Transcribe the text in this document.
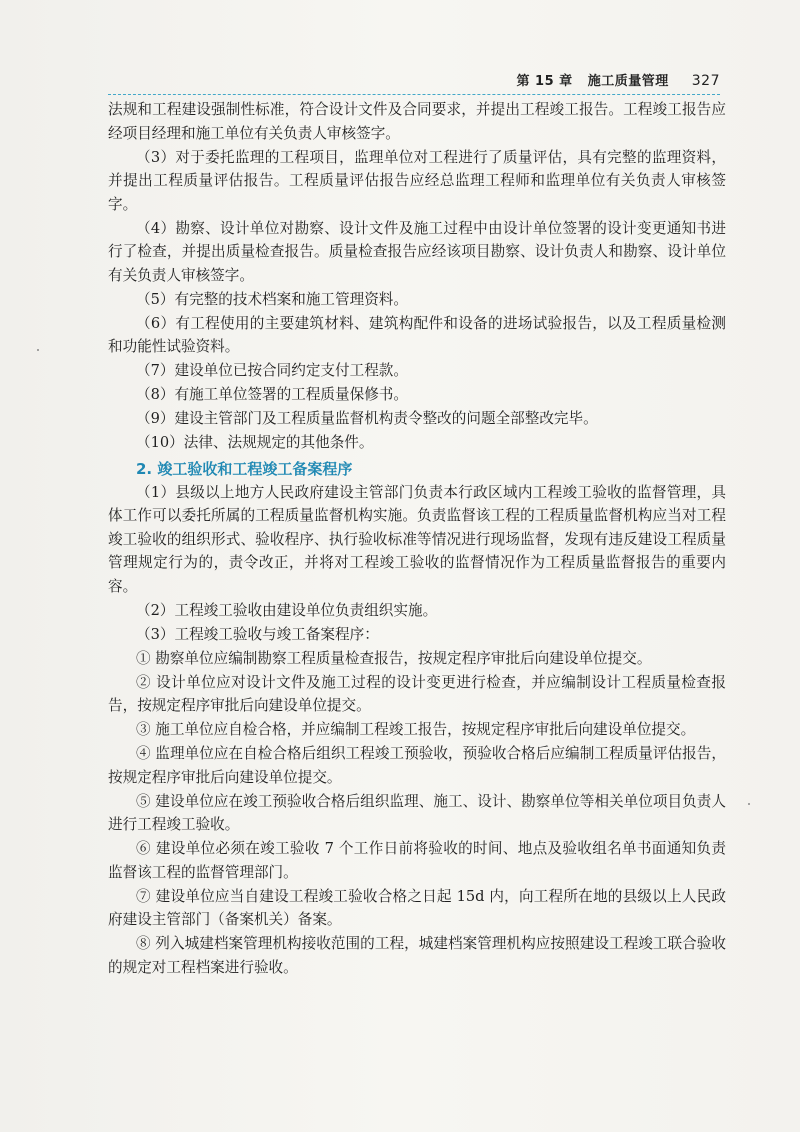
第 15 章 施工质量管理 327

法规和工程建设强制性标准，符合设计文件及合同要求，并提出工程竣工报告。工程竣工报告应经项目经理和施工单位有关负责人审核签字。

（3）对于委托监理的工程项目，监理单位对工程进行了质量评估，具有完整的监理资料，并提出工程质量评估报告。工程质量评估报告应经总监理工程师和监理单位有关负责人审核签字。

（4）勘察、设计单位对勘察、设计文件及施工过程中由设计单位签署的设计变更通知书进行了检查，并提出质量检查报告。质量检查报告应经该项目勘察、设计负责人和勘察、设计单位有关负责人审核签字。

（5）有完整的技术档案和施工管理资料。

（6）有工程使用的主要建筑材料、建筑构配件和设备的进场试验报告，以及工程质量检测和功能性试验资料。

（7）建设单位已按合同约定支付工程款。

（8）有施工单位签署的工程质量保修书。

（9）建设主管部门及工程质量监督机构责令整改的问题全部整改完毕。

（10）法律、法规规定的其他条件。

2. 竣工验收和工程竣工备案程序

（1）县级以上地方人民政府建设主管部门负责本行政区域内工程竣工验收的监督管理，具体工作可以委托所属的工程质量监督机构实施。负责监督该工程的工程质量监督机构应当对工程竣工验收的组织形式、验收程序、执行验收标准等情况进行现场监督，发现有违反建设工程质量管理规定行为的，责令改正，并将对工程竣工验收的监督情况作为工程质量监督报告的重要内容。

（2）工程竣工验收由建设单位负责组织实施。

（3）工程竣工验收与竣工备案程序：

① 勘察单位应编制勘察工程质量检查报告，按规定程序审批后向建设单位提交。

② 设计单位应对设计文件及施工过程的设计变更进行检查，并应编制设计工程质量检查报告，按规定程序审批后向建设单位提交。

③ 施工单位应自检合格，并应编制工程竣工报告，按规定程序审批后向建设单位提交。

④ 监理单位应在自检合格后组织工程竣工预验收，预验收合格后应编制工程质量评估报告，按规定程序审批后向建设单位提交。

⑤ 建设单位应在竣工预验收合格后组织监理、施工、设计、勘察单位等相关单位项目负责人进行工程竣工验收。

⑥ 建设单位必须在竣工验收 7 个工作日前将验收的时间、地点及验收组名单书面通知负责监督该工程的监督管理部门。

⑦ 建设单位应当自建设工程竣工验收合格之日起 15d 内，向工程所在地的县级以上人民政府建设主管部门（备案机关）备案。

⑧ 列入城建档案管理机构接收范围的工程，城建档案管理机构应按照建设工程竣工联合验收的规定对工程档案进行验收。
